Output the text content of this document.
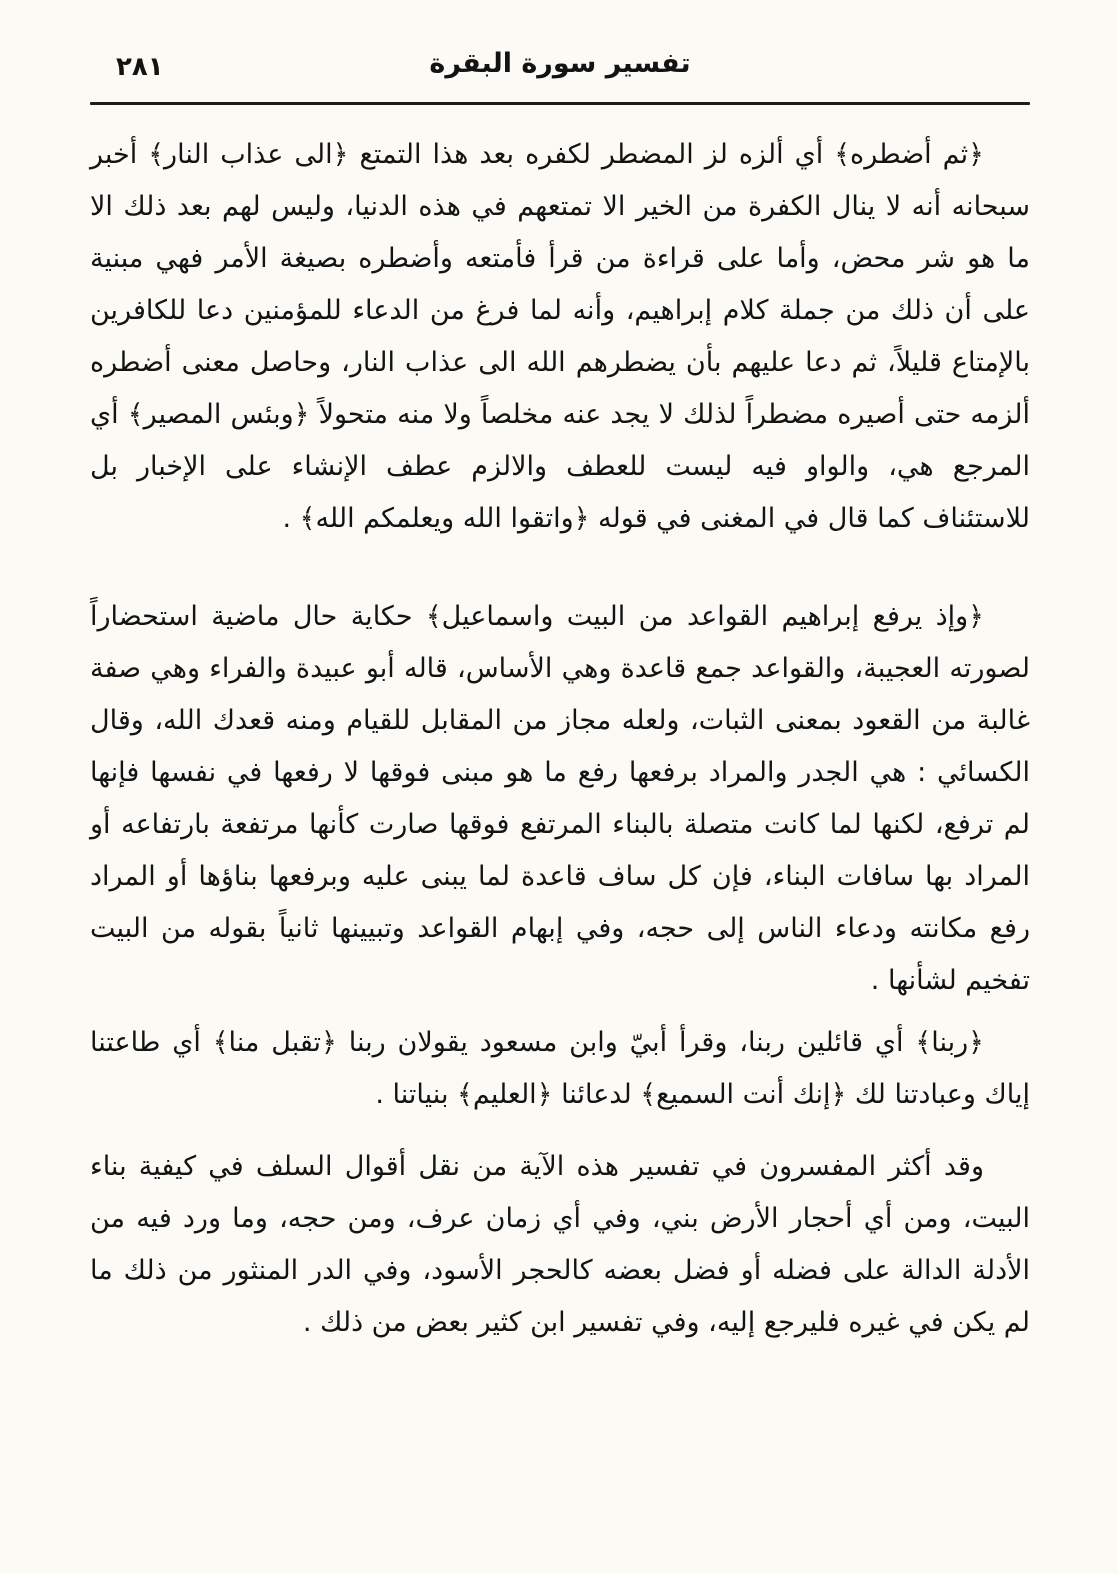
٢٨١	تفسير سورة البقرة

﴿ثم أضطره﴾ أي ألزه لز المضطر لكفره بعد هذا التمتع ﴿الى عذاب النار﴾ أخبر سبحانه أنه لا ينال الكفرة من الخير الا تمتعهم في هذه الدنيا، وليس لهم بعد ذلك الا ما هو شر محض، وأما على قراءة من قرأ فأمتعه وأضطره بصيغة الأمر فهي مبنية على أن ذلك من جملة كلام إبراهيم، وأنه لما فرغ من الدعاء للمؤمنين دعا للكافرين بالإمتاع قليلاً، ثم دعا عليهم بأن يضطرهم الله الى عذاب النار، وحاصل معنى أضطره ألزمه حتى أصيره مضطراً لذلك لا يجد عنه مخلصاً ولا منه متحولاً ﴿وبئس المصير﴾ أي المرجع هي، والواو فيه ليست للعطف والالزم عطف الإنشاء على الإخبار بل للاستئناف كما قال في المغنى في قوله ﴿واتقوا الله ويعلمكم الله﴾ .

﴿وإذ يرفع إبراهيم القواعد من البيت واسماعيل﴾ حكاية حال ماضية استحضاراً لصورته العجيبة، والقواعد جمع قاعدة وهي الأساس، قاله أبو عبيدة والفراء وهي صفة غالبة من القعود بمعنى الثبات، ولعله مجاز من المقابل للقيام ومنه قعدك الله، وقال الكسائي : هي الجدر والمراد برفعها رفع ما هو مبنى فوقها لا رفعها في نفسها فإنها لم ترفع، لكنها لما كانت متصلة بالبناء المرتفع فوقها صارت كأنها مرتفعة بارتفاعه أو المراد بها سافات البناء، فإن كل ساف قاعدة لما يبنى عليه وبرفعها بناؤها أو المراد رفع مكانته ودعاء الناس إلى حجه، وفي إبهام القواعد وتبيينها ثانياً بقوله من البيت تفخيم لشأنها .

﴿ربنا﴾ أي قائلين ربنا، وقرأ أبيّ وابن مسعود يقولان ربنا ﴿تقبل منا﴾ أي طاعتنا إياك وعبادتنا لك ﴿إنك أنت السميع﴾ لدعائنا ﴿العليم﴾ بنياتنا .

وقد أكثر المفسرون في تفسير هذه الآية من نقل أقوال السلف في كيفية بناء البيت، ومن أي أحجار الأرض بني، وفي أي زمان عرف، ومن حجه، وما ورد فيه من الأدلة الدالة على فضله أو فضل بعضه كالحجر الأسود، وفي الدر المنثور من ذلك ما لم يكن في غيره فليرجع إليه، وفي تفسير ابن كثير بعض من ذلك .
